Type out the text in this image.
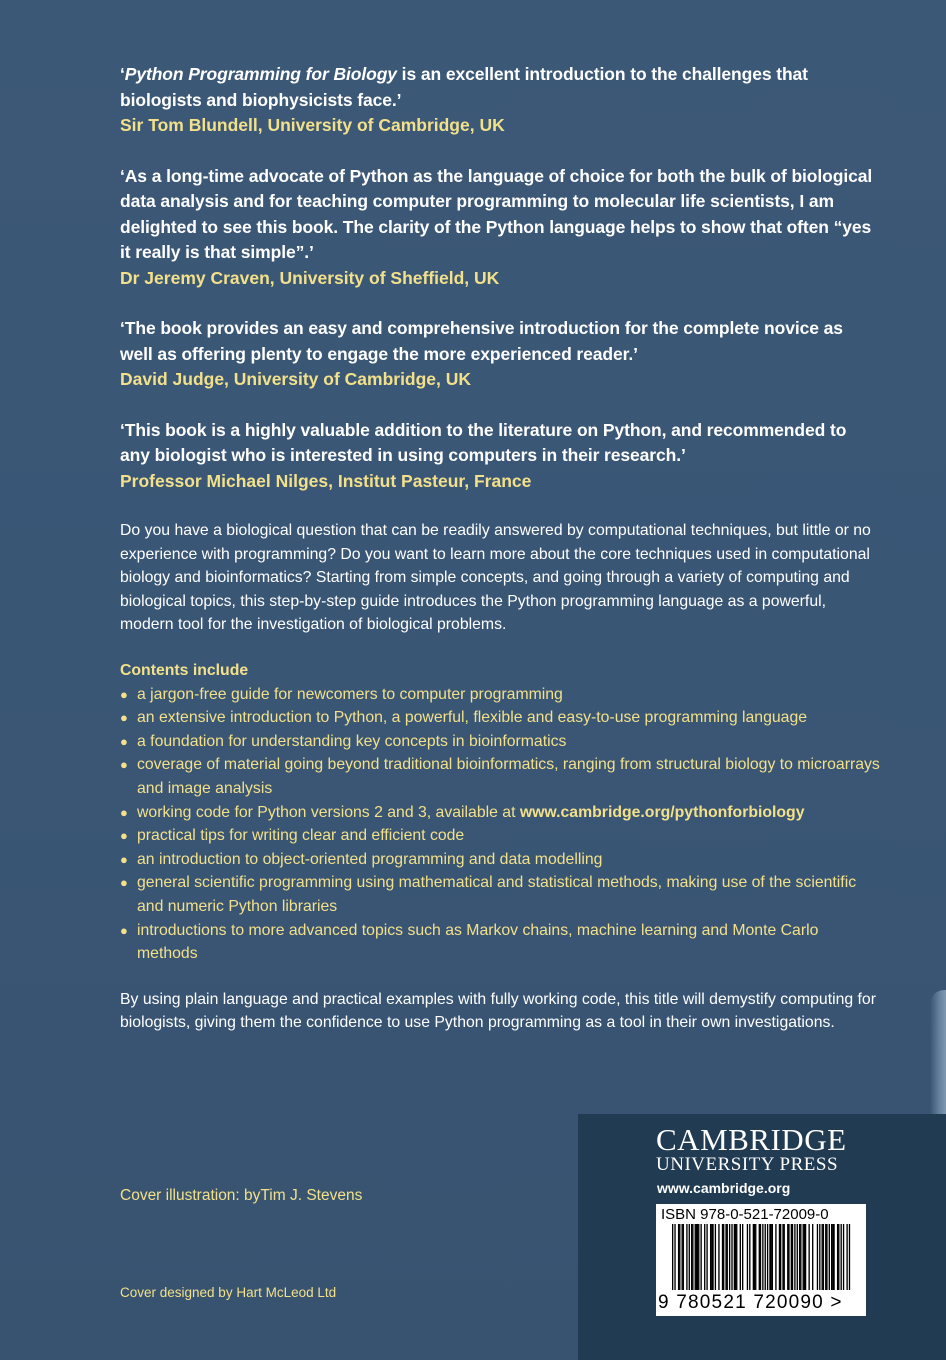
‘Python Programming for Biology is an excellent introduction to the challenges that biologists and biophysicists face.’

Sir Tom Blundell, University of Cambridge, UK

‘As a long-time advocate of Python as the language of choice for both the bulk of biological data analysis and for teaching computer programming to molecular life scientists, I am delighted to see this book. The clarity of the Python language helps to show that often “yes it really is that simple”.’

Dr Jeremy Craven, University of Sheffield, UK

‘The book provides an easy and comprehensive introduction for the complete novice as well as offering plenty to engage the more experienced reader.’

David Judge, University of Cambridge, UK

‘This book is a highly valuable addition to the literature on Python, and recommended to any biologist who is interested in using computers in their research.’

Professor Michael Nilges, Institut Pasteur, France

Do you have a biological question that can be readily answered by computational techniques, but little or no experience with programming? Do you want to learn more about the core techniques used in computational biology and bioinformatics? Starting from simple concepts, and going through a variety of computing and biological topics, this step-by-step guide introduces the Python programming language as a powerful, modern tool for the investigation of biological problems.

Contents include

● a jargon-free guide for newcomers to computer programming
● an extensive introduction to Python, a powerful, flexible and easy-to-use programming language
● a foundation for understanding key concepts in bioinformatics
● coverage of material going beyond traditional bioinformatics, ranging from structural biology to microarrays and image analysis
● working code for Python versions 2 and 3, available at www.cambridge.org/pythonforbiology
● practical tips for writing clear and efficient code
● an introduction to object-oriented programming and data modelling
● general scientific programming using mathematical and statistical methods, making use of the scientific and numeric Python libraries
● introductions to more advanced topics such as Markov chains, machine learning and Monte Carlo methods

By using plain language and practical examples with fully working code, this title will demystify computing for biologists, giving them the confidence to use Python programming as a tool in their own investigations.

Cover illustration: byTim J. Stevens
Cover designed by Hart McLeod Ltd
CAMBRIDGE
UNIVERSITY PRESS
www.cambridge.org
ISBN 978-0-521-72009-0
9 780521 720090 >
